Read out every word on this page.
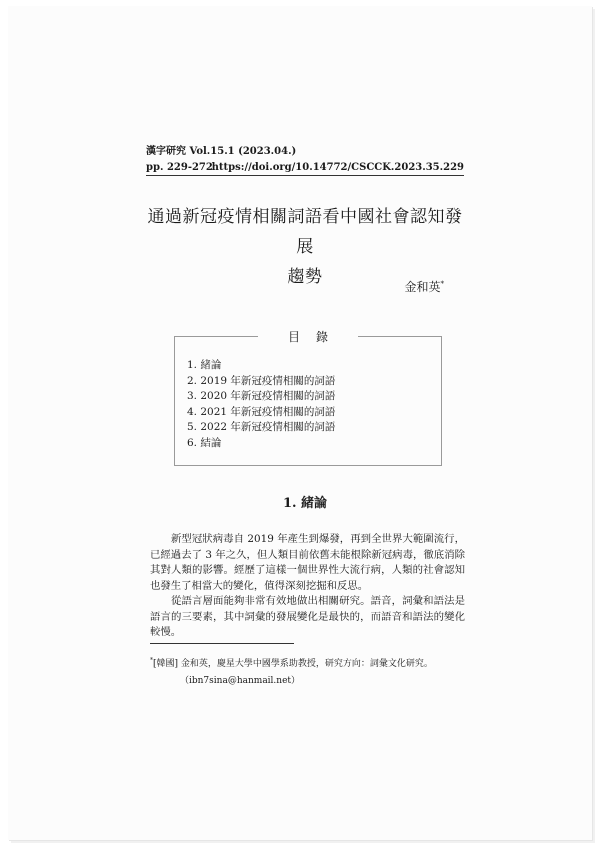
漢字研究 Vol.15.1 (2023.04.)
pp. 229-272
https://doi.org/10.14772/CSCCK.2023.35.229
通過新冠疫情相關詞語看中國社會認知發展
趨勢	金和英*
目錄
1. 緒論
2. 2019 年新冠疫情相關的詞語
3. 2020 年新冠疫情相關的詞語
4. 2021 年新冠疫情相關的詞語
5. 2022 年新冠疫情相關的詞語
6. 結論
1. 緒論

新型冠狀病毒自 2019 年產生到爆發，再到全世界大範圍流行，已經過去了 3 年之久，但人類目前依舊未能根除新冠病毒，徹底消除其對人類的影響。經歷了這樣一個世界性大流行病，人類的社會認知也發生了相當大的變化，值得深刻挖掘和反思。

從語言層面能夠非常有效地做出相關研究。語音，詞彙和語法是語言的三要素，其中詞彙的發展變化是最快的，而語音和語法的變化較慢。

*[韓國] 金和英，慶星大學中國學系助教授，研究方向：詞彙文化研究。
（ibn7sina@hanmail.net）
